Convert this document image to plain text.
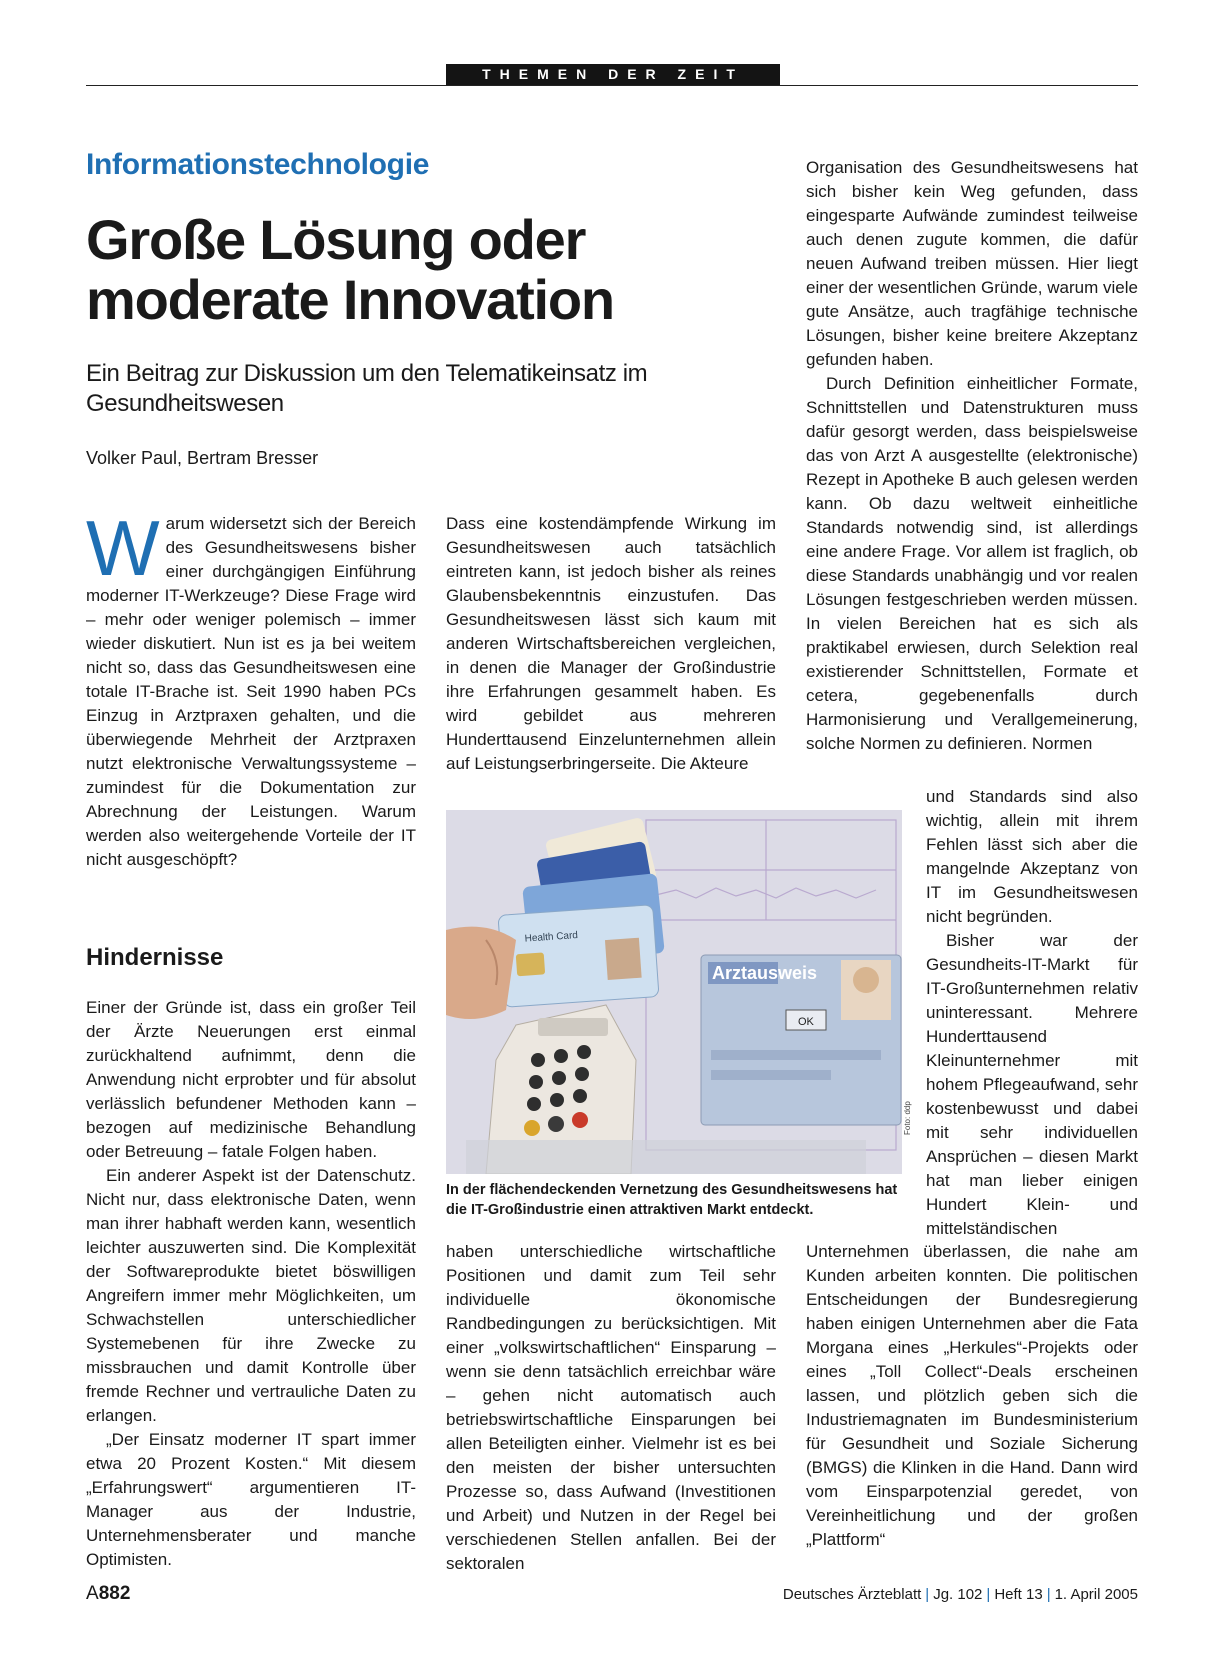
THEMEN DER ZEIT
Informationstechnologie
Große Lösung oder moderate Innovation
Ein Beitrag zur Diskussion um den Telematikeinsatz im Gesundheitswesen
Volker Paul, Bertram Bresser

Warum widersetzt sich der Bereich des Gesundheitswesens bisher einer durchgängigen Einführung moderner IT-Werkzeuge? Diese Frage wird – mehr oder weniger polemisch – immer wieder diskutiert. Nun ist es ja bei weitem nicht so, dass das Gesundheitswesen eine totale IT-Brache ist. Seit 1990 haben PCs Einzug in Arztpraxen gehalten, und die überwiegende Mehrheit der Arztpraxen nutzt elektronische Verwaltungssysteme – zumindest für die Dokumentation zur Abrechnung der Leistungen. Warum werden also weitergehende Vorteile der IT nicht ausgeschöpft?

Hindernisse

Einer der Gründe ist, dass ein großer Teil der Ärzte Neuerungen erst einmal zurückhaltend aufnimmt, denn die Anwendung nicht erprobter und für absolut verlässlich befundener Methoden kann – bezogen auf medizinische Behandlung oder Betreuung – fatale Folgen haben.

Ein anderer Aspekt ist der Datenschutz. Nicht nur, dass elektronische Daten, wenn man ihrer habhaft werden kann, wesentlich leichter auszuwerten sind. Die Komplexität der Softwareprodukte bietet böswilligen Angreifern immer mehr Möglichkeiten, um Schwachstellen unterschiedlicher Systemebenen für ihre Zwecke zu missbrauchen und damit Kontrolle über fremde Rechner und vertrauliche Daten zu erlangen.

„Der Einsatz moderner IT spart immer etwa 20 Prozent Kosten.“ Mit diesem „Erfahrungswert“ argumentieren IT-Manager aus der Industrie, Unternehmensberater und manche Optimisten.

Dass eine kostendämpfende Wirkung im Gesundheitswesen auch tatsächlich eintreten kann, ist jedoch bisher als reines Glaubensbekenntnis einzustufen. Das Gesundheitswesen lässt sich kaum mit anderen Wirtschaftsbereichen vergleichen, in denen die Manager der Großindustrie ihre Erfahrungen gesammelt haben. Es wird gebildet aus mehreren Hunderttausend Einzelunternehmen allein auf Leistungserbringerseite. Die Akteure

Arztausweis
OK
Health Card
Foto: ddp
In der flächendeckenden Vernetzung des Gesundheitswesens hat die IT-Großindustrie einen attraktiven Markt entdeckt.

haben unterschiedliche wirtschaftliche Positionen und damit zum Teil sehr individuelle ökonomische Randbedingungen zu berücksichtigen. Mit einer „volkswirtschaftlichen“ Einsparung – wenn sie denn tatsächlich erreichbar wäre – gehen nicht automatisch auch betriebswirtschaftliche Einsparungen bei allen Beteiligten einher. Vielmehr ist es bei den meisten der bisher untersuchten Prozesse so, dass Aufwand (Investitionen und Arbeit) und Nutzen in der Regel bei verschiedenen Stellen anfallen. Bei der sektoralen

Organisation des Gesundheitswesens hat sich bisher kein Weg gefunden, dass eingesparte Aufwände zumindest teilweise auch denen zugute kommen, die dafür neuen Aufwand treiben müssen. Hier liegt einer der wesentlichen Gründe, warum viele gute Ansätze, auch tragfähige technische Lösungen, bisher keine breitere Akzeptanz gefunden haben.

Durch Definition einheitlicher Formate, Schnittstellen und Datenstrukturen muss dafür gesorgt werden, dass beispielsweise das von Arzt A ausgestellte (elektronische) Rezept in Apotheke B auch gelesen werden kann. Ob dazu weltweit einheitliche Standards notwendig sind, ist allerdings eine andere Frage. Vor allem ist fraglich, ob diese Standards unabhängig und vor realen Lösungen festgeschrieben werden müssen. In vielen Bereichen hat es sich als praktikabel erwiesen, durch Selektion real existierender Schnittstellen, Formate et cetera, gegebenenfalls durch Harmonisierung und Verallgemeinerung, solche Normen zu definieren. Normen

und Standards sind also wichtig, allein mit ihrem Fehlen lässt sich aber die mangelnde Akzeptanz von IT im Gesundheitswesen nicht begründen.

Bisher war der Gesundheits-IT-Markt für IT-Großunternehmen relativ uninteressant. Mehrere Hunderttausend Kleinunternehmer mit hohem Pflegeaufwand, sehr kostenbewusst und dabei mit sehr individuellen Ansprüchen – diesen Markt hat man lieber einigen Hundert Klein- und mittelständischen

Unternehmen überlassen, die nahe am Kunden arbeiten konnten. Die politischen Entscheidungen der Bundesregierung haben einigen Unternehmen aber die Fata Morgana eines „Herkules“-Projekts oder eines „Toll Collect“-Deals erscheinen lassen, und plötzlich geben sich die Industriemagnaten im Bundesministerium für Gesundheit und Soziale Sicherung (BMGS) die Klinken in die Hand. Dann wird vom Einsparpotenzial geredet, von Vereinheitlichung und der großen „Plattform“

A882	Deutsches Ärzteblatt | Jg. 102 | Heft 13 | 1. April 2005
